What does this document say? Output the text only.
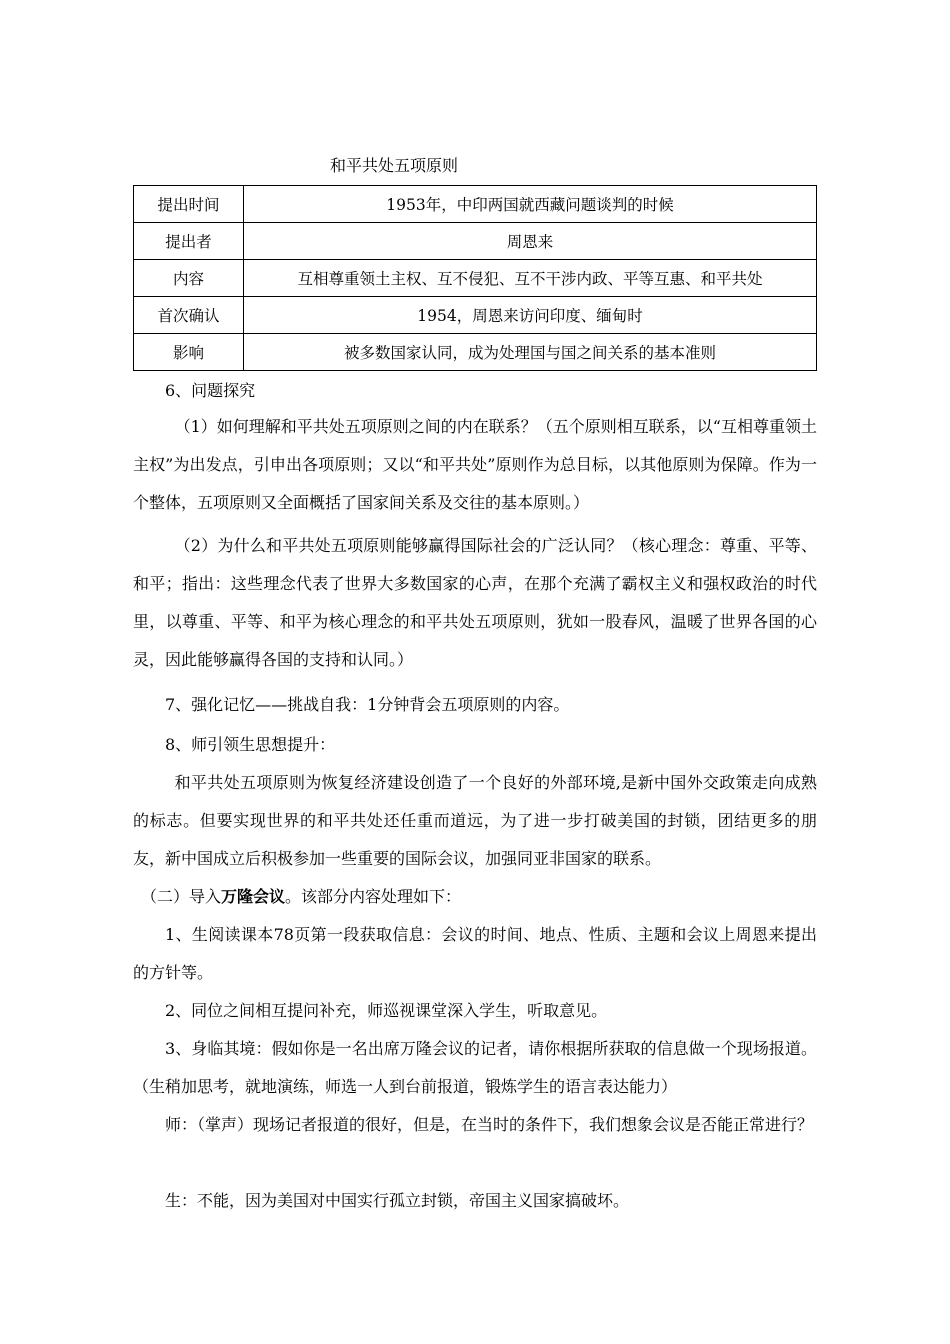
和平共处五项原则
提出时间	1953年，中印两国就西藏问题谈判的时候
提出者	周恩来
内容	互相尊重领土主权、互不侵犯、互不干涉内政、平等互惠、和平共处
首次确认	1954，周恩来访问印度、缅甸时
影响	被多数国家认同，成为处理国与国之间关系的基本准则

6、问题探究

（1）如何理解和平共处五项原则之间的内在联系？（五个原则相互联系，以“互相尊重领土主权”为出发点，引申出各项原则；又以“和平共处”原则作为总目标，以其他原则为保障。作为一个整体，五项原则又全面概括了国家间关系及交往的基本原则。）

（2）为什么和平共处五项原则能够赢得国际社会的广泛认同？（核心理念：尊重、平等、和平；指出：这些理念代表了世界大多数国家的心声，在那个充满了霸权主义和强权政治的时代里，以尊重、平等、和平为核心理念的和平共处五项原则，犹如一股春风，温暖了世界各国的心灵，因此能够赢得各国的支持和认同。）

7、强化记忆——挑战自我：1分钟背会五项原则的内容。

8、师引领生思想提升：

和平共处五项原则为恢复经济建设创造了一个良好的外部环境,是新中国外交政策走向成熟的标志。但要实现世界的和平共处还任重而道远，为了进一步打破美国的封锁，团结更多的朋友，新中国成立后积极参加一些重要的国际会议，加强同亚非国家的联系。

（二）导入万隆会议。该部分内容处理如下：

1、生阅读课本78页第一段获取信息：会议的时间、地点、性质、主题和会议上周恩来提出的方针等。

2、同位之间相互提问补充，师巡视课堂深入学生，听取意见。

3、身临其境：假如你是一名出席万隆会议的记者，请你根据所获取的信息做一个现场报道。（生稍加思考，就地演练，师选一人到台前报道，锻炼学生的语言表达能力）

师：（掌声）现场记者报道的很好，但是，在当时的条件下，我们想象会议是否能正常进行？

生：不能，因为美国对中国实行孤立封锁，帝国主义国家搞破坏。
